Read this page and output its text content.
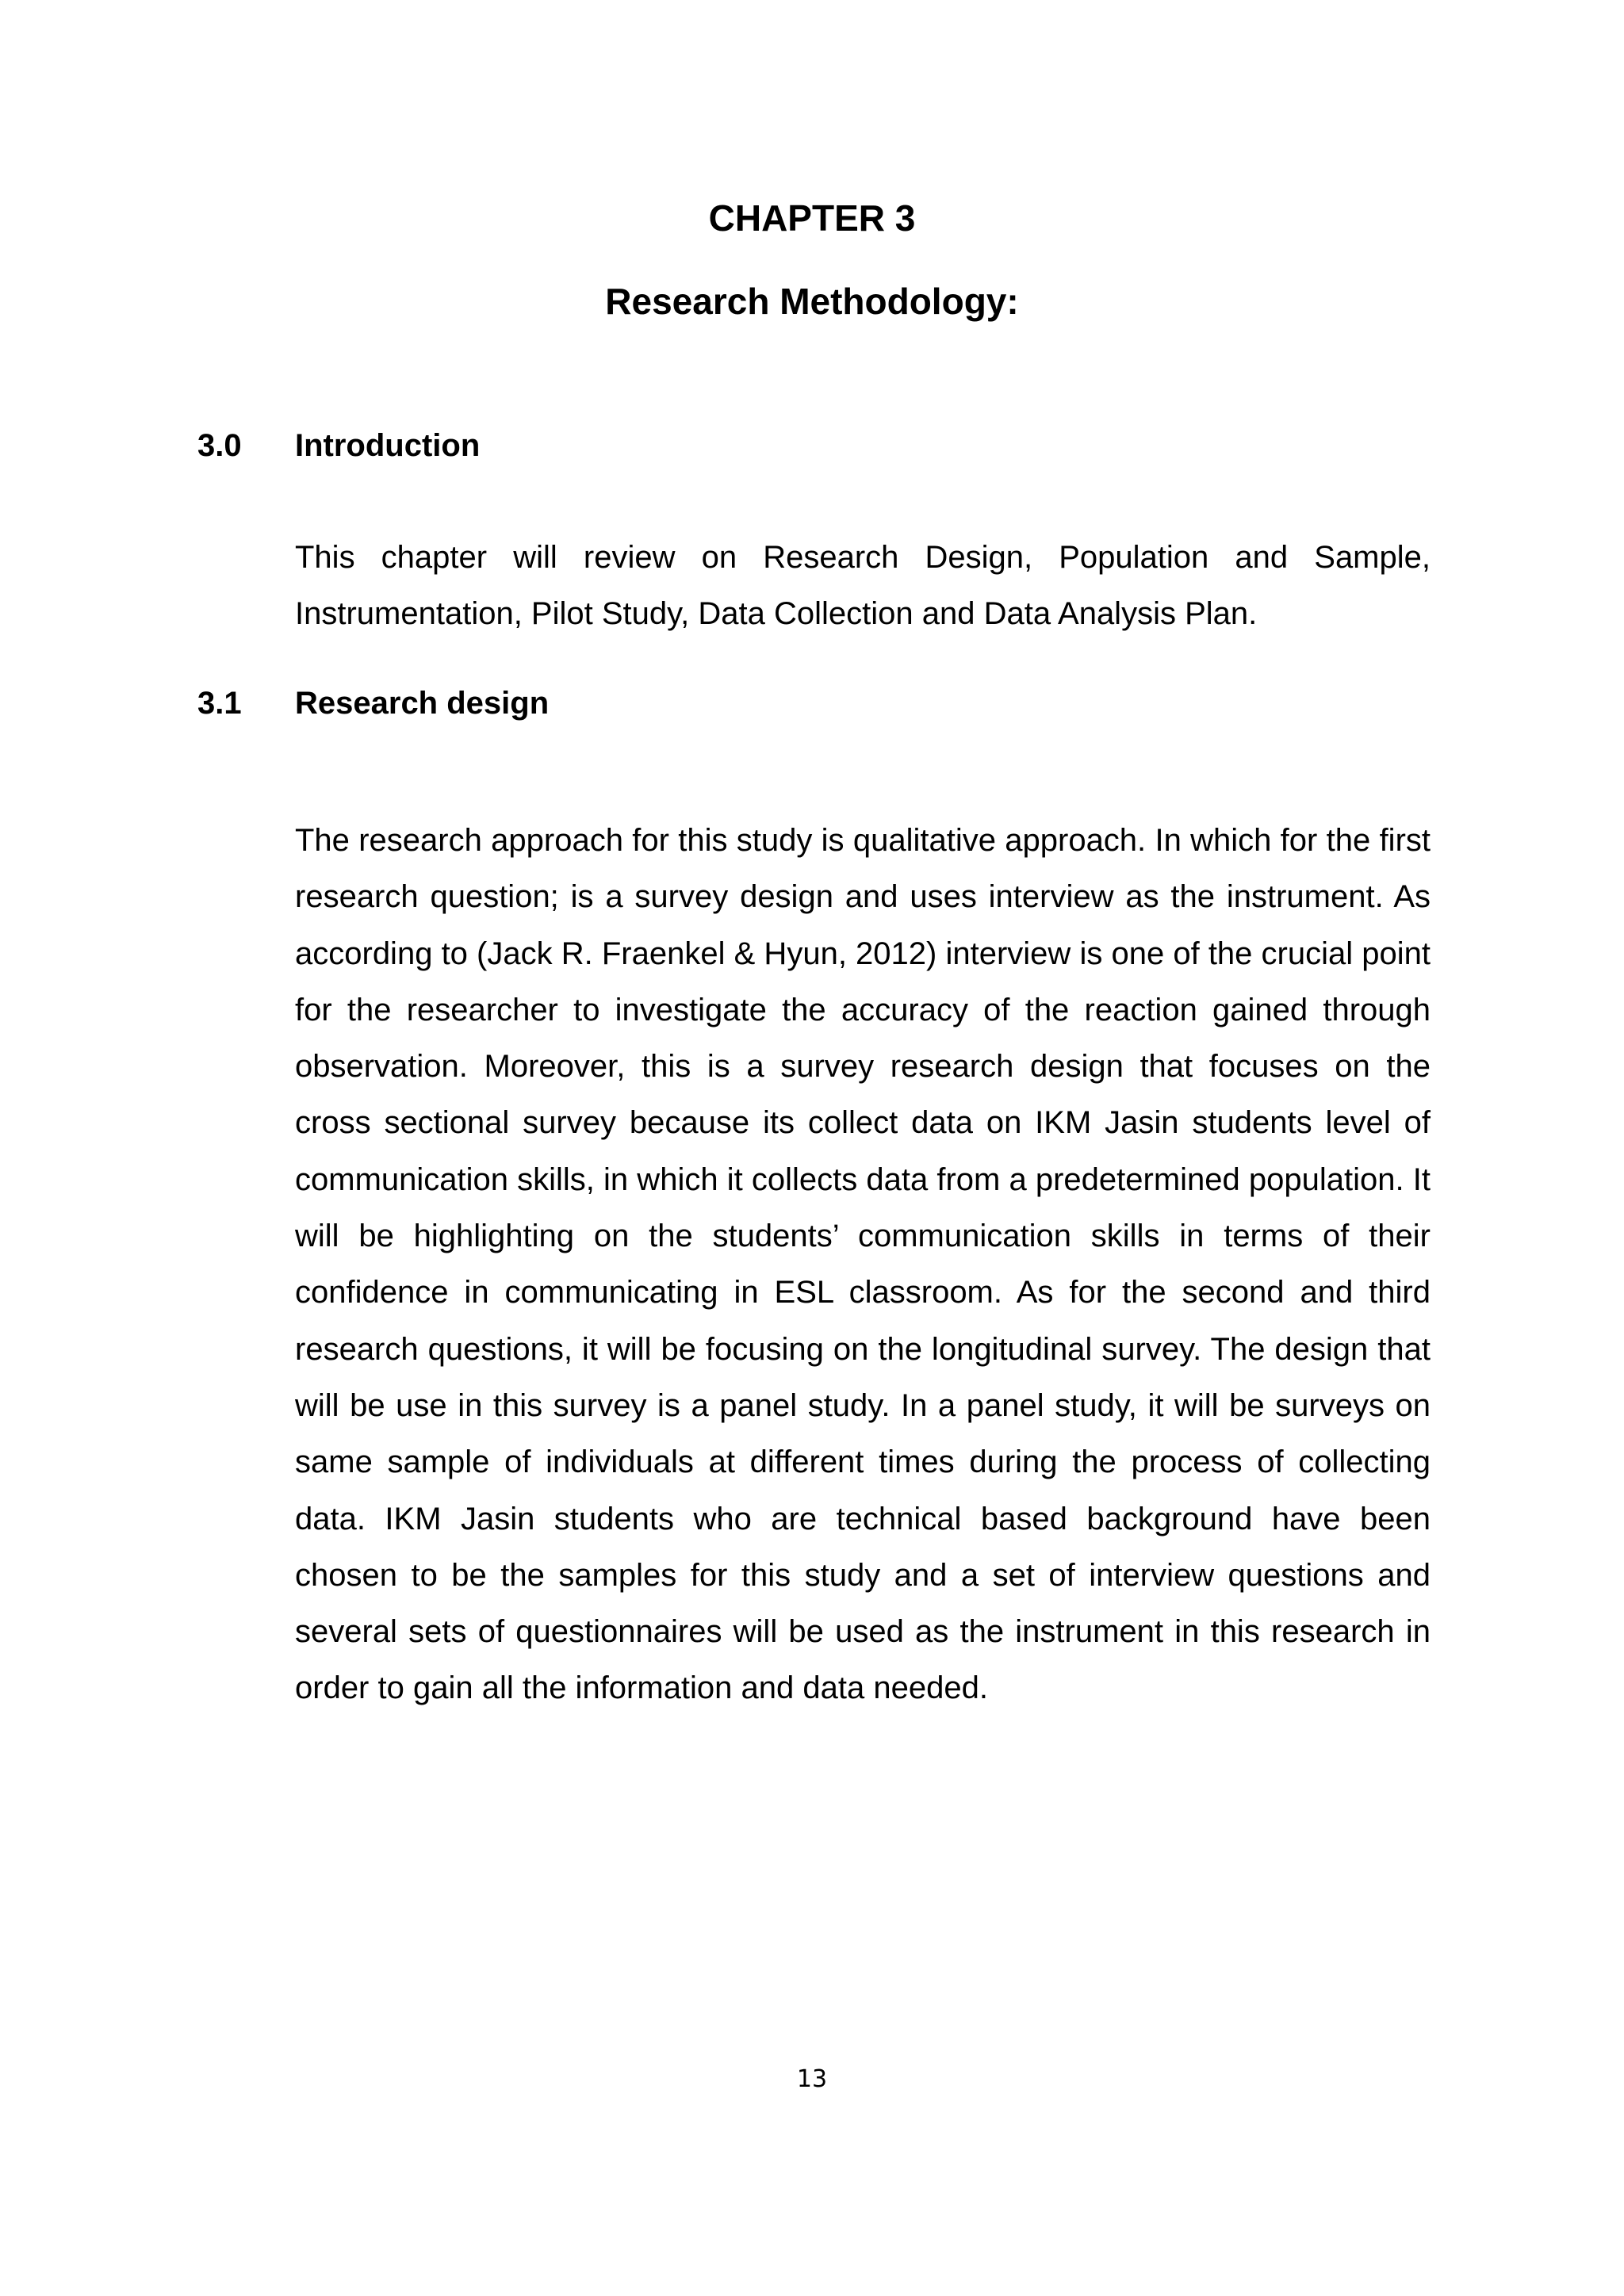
CHAPTER 3
Research Methodology:
3.0 Introduction

This chapter will review on Research Design, Population and Sample, Instrumentation, Pilot Study, Data Collection and Data Analysis Plan.

3.1 Research design

The research approach for this study is qualitative approach. In which for the first research question; is a survey design and uses interview as the instrument. As according to (Jack R. Fraenkel & Hyun, 2012) interview is one of the crucial point for the researcher to investigate the accuracy of the reaction gained through observation. Moreover, this is a survey research design that focuses on the cross sectional survey because its collect data on IKM Jasin students level of communication skills, in which it collects data from a predetermined population. It will be highlighting on the students’ communication skills in terms of their confidence in communicating in ESL classroom. As for the second and third research questions, it will be focusing on the longitudinal survey. The design that will be use in this survey is a panel study. In a panel study, it will be surveys on same sample of individuals at different times during the process of collecting data. IKM Jasin students who are technical based background have been chosen to be the samples for this study and a set of interview questions and several sets of questionnaires will be used as the instrument in this research in order to gain all the information and data needed.

13
